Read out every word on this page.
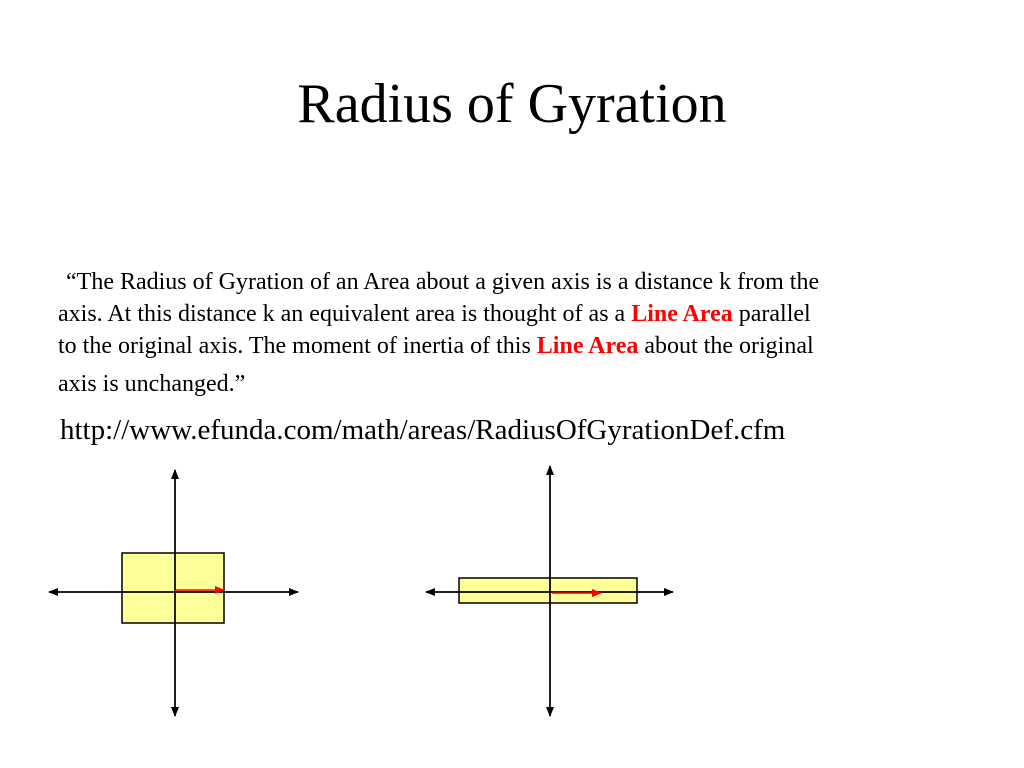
Radius of Gyration
“The Radius of Gyration of an Area about a given axis is a distance k from the
axis. At this distance k an equivalent area is thought of as a Line Area parallel
to the original axis. The moment of inertia of this Line Area about the original
axis is unchanged.”
http://www.efunda.com/math/areas/RadiusOfGyrationDef.cfm
